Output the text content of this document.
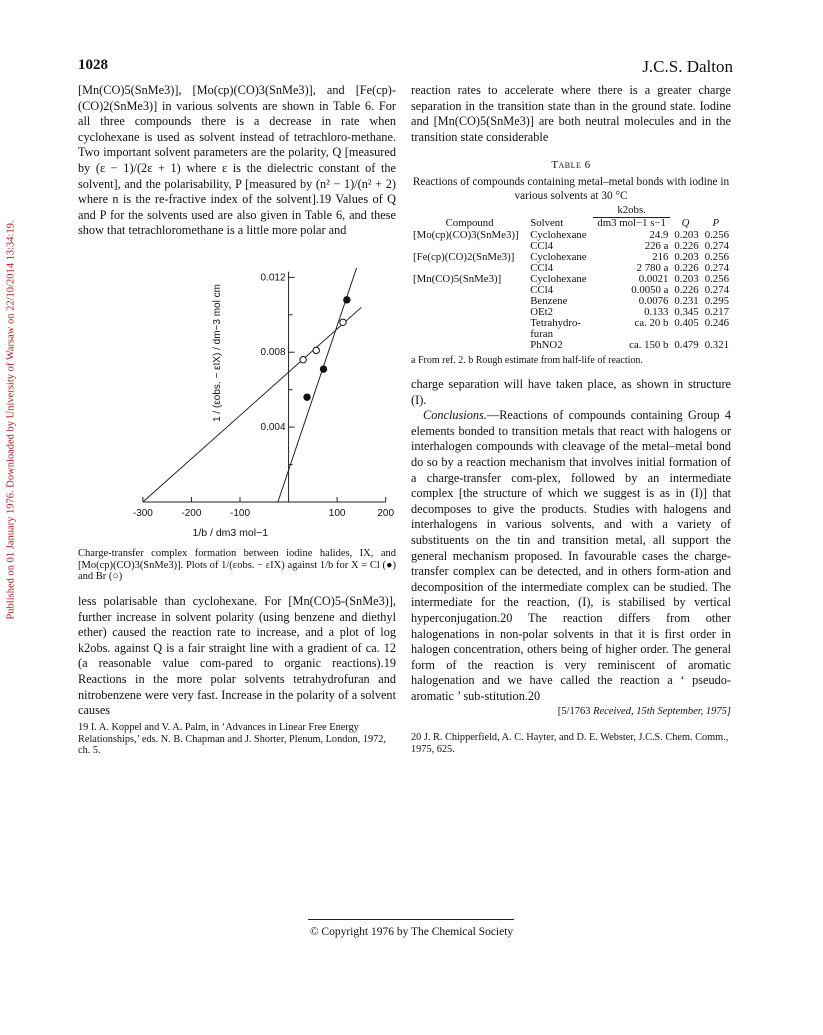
Published on 01 January 1976. Downloaded by University of Warsaw on 22/10/2014 13:34:19.
1028	J.C.S. Dalton

[Mn(CO)5(SnMe3)], [Mo(cp)(CO)3(SnMe3)], and [Fe(cp)-(CO)2(SnMe3)] in various solvents are shown in Table 6. For all three compounds there is a decrease in rate when cyclohexane is used as solvent instead of tetrachloro-methane. Two important solvent parameters are the polarity, Q [measured by (ε − 1)/(2ε + 1) where ε is the dielectric constant of the solvent], and the polarisability, P [measured by (n² − 1)/(n² + 2) where n is the re-fractive index of the solvent].19 Values of Q and P for the solvents used are also given in Table 6, and these show that tetrachloromethane is a little more polar and

reaction rates to accelerate where there is a greater charge separation in the transition state than in the ground state. Iodine and [Mn(CO)5(SnMe3)] are both neutral molecules and in the transition state considerable

Table 6
Reactions of compounds containing metal–metal bonds with iodine in various solvents at 30 °C
		k2obs.		
Compound	Solvent	dm3 mol−1 s−1	Q	P
[Mo(cp)(CO)3(SnMe3)]	Cyclohexane	24.9	0.203	0.256
	CCl4	226 a	0.226	0.274
[Fe(cp)(CO)2(SnMe3)]	Cyclohexane	216	0.203	0.256
	CCl4	2 780 a	0.226	0.274
[Mn(CO)5(SnMe3)]	Cyclohexane	0.0021	0.203	0.256
	CCl4	0.0050 a	0.226	0.274
	Benzene	0.0076	0.231	0.295
	OEt2	0.133	0.345	0.217
	Tetrahydro-	ca. 20 b	0.405	0.246
	furan			
	PhNO2	ca. 150 b	0.479	0.321
a From ref. 2. b Rough estimate from half-life of reaction.

charge separation will have taken place, as shown in structure (I).

Conclusions.—Reactions of compounds containing Group 4 elements bonded to transition metals that react with halogens or interhalogen compounds with cleavage of the metal–metal bond do so by a reaction mechanism that involves initial formation of a charge-transfer com-plex, followed by an intermediate complex [the structure of which we suggest is as in (I)] that decomposes to give the products. Studies with halogens and interhalogens in various solvents, and with a variety of substituents on the tin and transition metal, all support the general mechanism proposed. In favourable cases the charge-transfer complex can be detected, and in others form-ation and decomposition of the intermediate complex can be studied. The intermediate for the reaction, (I), is stabilised by vertical hyperconjugation.20 The reaction differs from other halogenations in non-polar solvents in that it is first order in halogen concentration, others being of higher order. The general form of the reaction is very reminiscent of aromatic halogenation and we have called the reaction a ‘ pseudo-aromatic ’ sub-stitution.20

[5/1763 Received, 15th September, 1975]
-300	-200	-100	100	200
0.004
0.008
0.012
1 / (εobs. − εIX) / dm−3 mol cm
1/b / dm3 mol−1
Charge-transfer complex formation between iodine halides, IX, and [Mo(cp)(CO)3(SnMe3)]. Plots of 1/(εobs. − εIX) against 1/b for X = Cl (●) and Br (○)

less polarisable than cyclohexane. For [Mn(CO)5-(SnMe3)], further increase in solvent polarity (using benzene and diethyl ether) caused the reaction rate to increase, and a plot of log k2obs. against Q is a fair straight line with a gradient of ca. 12 (a reasonable value com-pared to organic reactions).19 Reactions in the more polar solvents tetrahydrofuran and nitrobenzene were very fast. Increase in the polarity of a solvent causes

19 I. A. Koppel and V. A. Palm, in ‘Advances in Linear Free Energy Relationships,’ eds. N. B. Chapman and J. Shorter, Plenum, London, 1972, ch. 5.
20 J. R. Chipperfield, A. C. Hayter, and D. E. Webster, J.C.S. Chem. Comm., 1975, 625.
© Copyright 1976 by The Chemical Society
